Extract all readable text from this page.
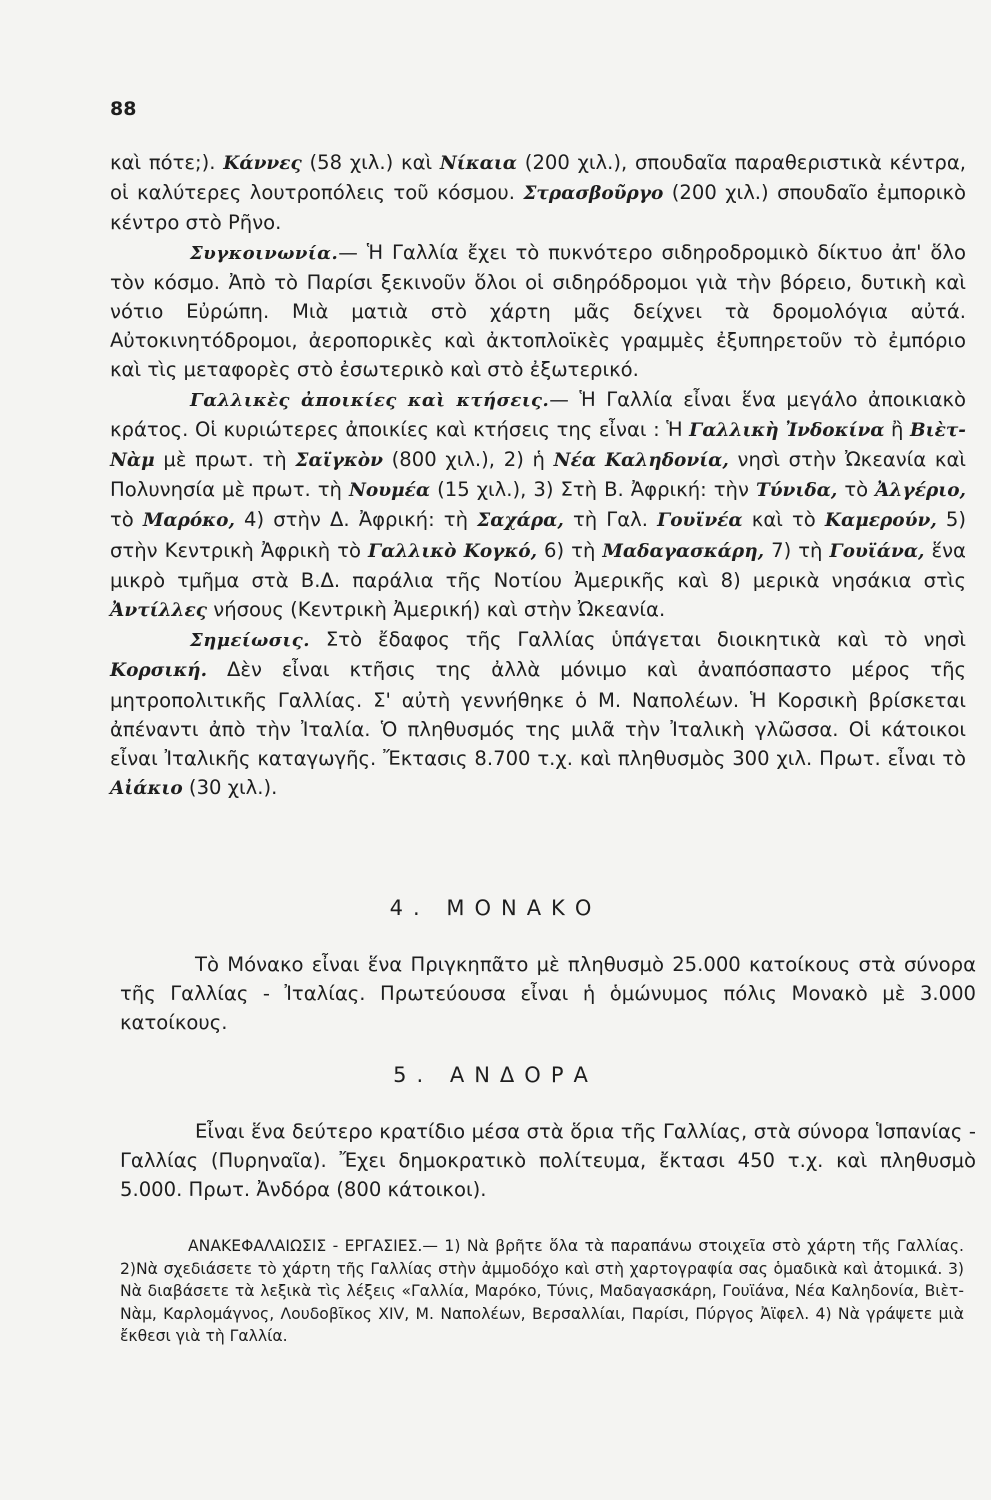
88

καὶ πότε;). Κάννες (58 χιλ.) καὶ Νίκαια (200 χιλ.), σπουδαῖα παραθεριστικὰ κέντρα, οἱ καλύτερες λουτροπόλεις τοῦ κόσμου. Στρασβοῦργο (200 χιλ.) σπουδαῖο ἐμπορικὸ κέντρο στὸ Ρῆνο.

Συγκοινωνία.— Ἡ Γαλλία ἔχει τὸ πυκνότερο σιδηροδρομικὸ δίκτυο ἀπ' ὅλο τὸν κόσμο. Ἀπὸ τὸ Παρίσι ξεκινοῦν ὅλοι οἱ σιδηρόδρομοι γιὰ τὴν βόρειο, δυτικὴ καὶ νότιο Εὐρώπη. Μιὰ ματιὰ στὸ χάρτη μᾶς δείχνει τὰ δρομολόγια αὐτά. Αὐτοκινητόδρομοι, ἀεροπορικὲς καὶ ἀκτοπλοϊκὲς γραμμὲς ἐξυπηρετοῦν τὸ ἐμπόριο καὶ τὶς μεταφορὲς στὸ ἐσωτερικὸ καὶ στὸ ἐξωτερικό.

Γαλλικὲς ἀποικίες καὶ κτήσεις.— Ἡ Γαλλία εἶναι ἕνα μεγάλο ἀποικιακὸ κράτος. Οἱ κυριώτερες ἀποικίες καὶ κτήσεις της εἶναι : Ἡ Γαλλικὴ Ἰνδοκίνα ἢ Βιὲτ-Νὰμ μὲ πρωτ. τὴ Σαϊγκὸν (800 χιλ.), 2) ἡ Νέα Καληδονία, νησὶ στὴν Ὠκεανία καὶ Πολυνησία μὲ πρωτ. τὴ Νουμέα (15 χιλ.), 3) Στὴ Β. Ἀφρική: τὴν Τύνιδα, τὸ Ἀλγέριο, τὸ Μαρόκο, 4) στὴν Δ. Ἀφρική: τὴ Σαχάρα, τὴ Γαλ. Γουϊνέα καὶ τὸ Καμερούν, 5) στὴν Κεντρικὴ Ἀφρικὴ τὸ Γαλλικὸ Κογκό, 6) τὴ Μαδαγασκάρη, 7) τὴ Γουϊάνα, ἕνα μικρὸ τμῆμα στὰ Β.Δ. παράλια τῆς Νοτίου Ἀμερικῆς καὶ 8) μερικὰ νησάκια στὶς Ἀντίλλες νήσους (Κεντρικὴ Ἀμερική) καὶ στὴν Ὠκεανία.

Σημείωσις. Στὸ ἔδαφος τῆς Γαλλίας ὑπάγεται διοικητικὰ καὶ τὸ νησὶ Κορσική. Δὲν εἶναι κτῆσις της ἀλλὰ μόνιμο καὶ ἀναπόσπαστο μέρος τῆς μητροπολιτικῆς Γαλλίας. Σ' αὐτὴ γεννήθηκε ὁ Μ. Ναπολέων. Ἡ Κορσικὴ βρίσκεται ἀπέναντι ἀπὸ τὴν Ἰταλία. Ὁ πληθυσμός της μιλᾶ τὴν Ἰταλικὴ γλῶσσα. Οἱ κάτοικοι εἶναι Ἰταλικῆς καταγωγῆς. Ἔκτασις 8.700 τ.χ. καὶ πληθυσμὸς 300 χιλ. Πρωτ. εἶναι τὸ Αἰάκιο (30 χιλ.).

4. ΜΟΝΑΚΟ

Τὸ Μόνακο εἶναι ἕνα Πριγκηπᾶτο μὲ πληθυσμὸ 25.000 κατοίκους στὰ σύνορα τῆς Γαλλίας - Ἰταλίας. Πρωτεύουσα εἶναι ἡ ὁμώνυμος πόλις Μονακὸ μὲ 3.000 κατοίκους.

5. ΑΝΔΟΡΑ

Εἶναι ἕνα δεύτερο κρατίδιο μέσα στὰ ὅρια τῆς Γαλλίας, στὰ σύνορα Ἱσπανίας - Γαλλίας (Πυρηναῖα). Ἔχει δημοκρατικὸ πολίτευμα, ἔκτασι 450 τ.χ. καὶ πληθυσμὸ 5.000. Πρωτ. Ἀνδόρα (800 κάτοικοι).

ΑΝΑΚΕΦΑΛΑΙΩΣΙΣ - ΕΡΓΑΣΙΕΣ.— 1) Νὰ βρῆτε ὅλα τὰ παραπάνω στοιχεῖα στὸ χάρτη τῆς Γαλλίας. 2)Νὰ σχεδιάσετε τὸ χάρτη τῆς Γαλλίας στὴν ἀμμοδόχο καὶ στὴ χαρτογραφία σας ὁμαδικὰ καὶ ἀτομικά. 3) Νὰ διαβάσετε τὰ λεξικὰ τὶς λέξεις «Γαλλία, Μαρόκο, Τύνις, Μαδαγασκάρη, Γουϊάνα, Νέα Καληδονία, Βιὲτ-Νὰμ, Καρλομάγνος, Λουδοβῖκος XIV, Μ. Ναπολέων, Βερσαλλίαι, Παρίσι, Πύργος Ἀϊφελ. 4) Νὰ γράψετε μιὰ ἔκθεσι γιὰ τὴ Γαλλία.
